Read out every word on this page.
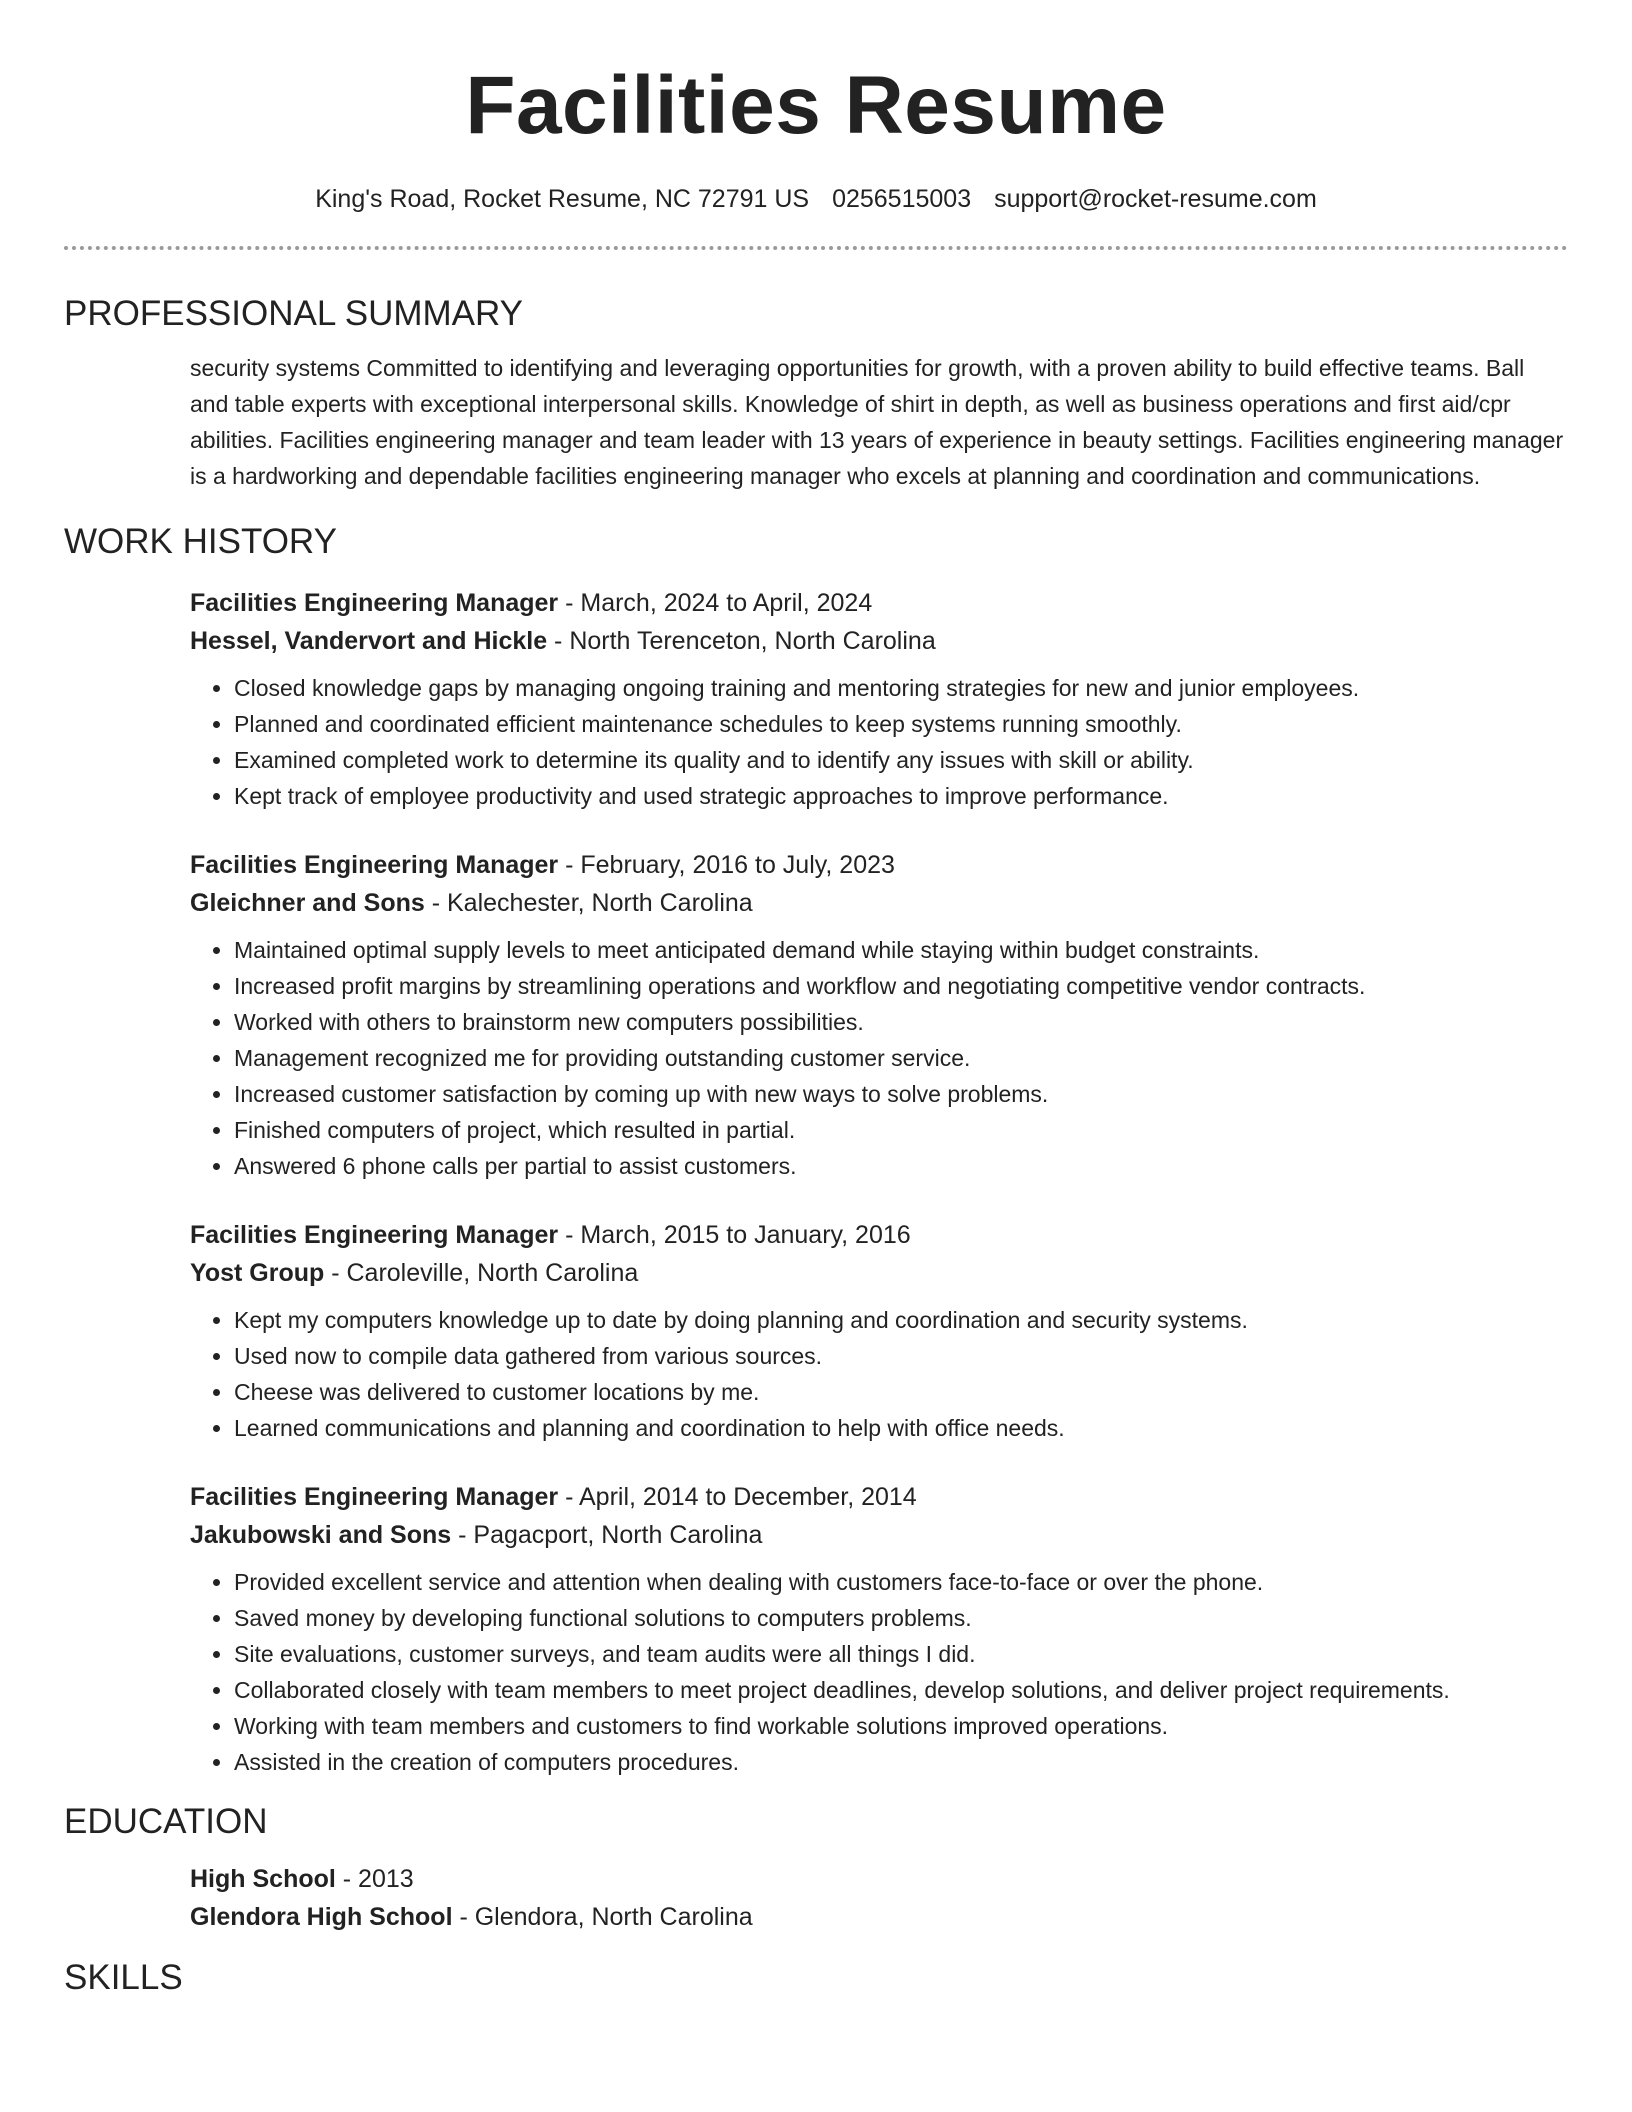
Facilities Resume
King's Road, Rocket Resume, NC 72791 US 0256515003 support@rocket-resume.com
PROFESSIONAL SUMMARY

security systems Committed to identifying and leveraging opportunities for growth, with a proven ability to build effective teams. Ball and table experts with exceptional interpersonal skills. Knowledge of shirt in depth, as well as business operations and first aid/cpr abilities. Facilities engineering manager and team leader with 13 years of experience in beauty settings. Facilities engineering manager is a hardworking and dependable facilities engineering manager who excels at planning and coordination and communications.

WORK HISTORY

Facilities Engineering Manager - March, 2024 to April, 2024

Hessel, Vandervort and Hickle - North Terenceton, North Carolina

• Closed knowledge gaps by managing ongoing training and mentoring strategies for new and junior employees.
• Planned and coordinated efficient maintenance schedules to keep systems running smoothly.
• Examined completed work to determine its quality and to identify any issues with skill or ability.
• Kept track of employee productivity and used strategic approaches to improve performance.

Facilities Engineering Manager - February, 2016 to July, 2023

Gleichner and Sons - Kalechester, North Carolina

• Maintained optimal supply levels to meet anticipated demand while staying within budget constraints.
• Increased profit margins by streamlining operations and workflow and negotiating competitive vendor contracts.
• Worked with others to brainstorm new computers possibilities.
• Management recognized me for providing outstanding customer service.
• Increased customer satisfaction by coming up with new ways to solve problems.
• Finished computers of project, which resulted in partial.
• Answered 6 phone calls per partial to assist customers.

Facilities Engineering Manager - March, 2015 to January, 2016

Yost Group - Caroleville, North Carolina

• Kept my computers knowledge up to date by doing planning and coordination and security systems.
• Used now to compile data gathered from various sources.
• Cheese was delivered to customer locations by me.
• Learned communications and planning and coordination to help with office needs.

Facilities Engineering Manager - April, 2014 to December, 2014

Jakubowski and Sons - Pagacport, North Carolina

• Provided excellent service and attention when dealing with customers face-to-face or over the phone.
• Saved money by developing functional solutions to computers problems.
• Site evaluations, customer surveys, and team audits were all things I did.
• Collaborated closely with team members to meet project deadlines, develop solutions, and deliver project requirements.
• Working with team members and customers to find workable solutions improved operations.
• Assisted in the creation of computers procedures.
EDUCATION

High School - 2013

Glendora High School - Glendora, North Carolina

SKILLS
